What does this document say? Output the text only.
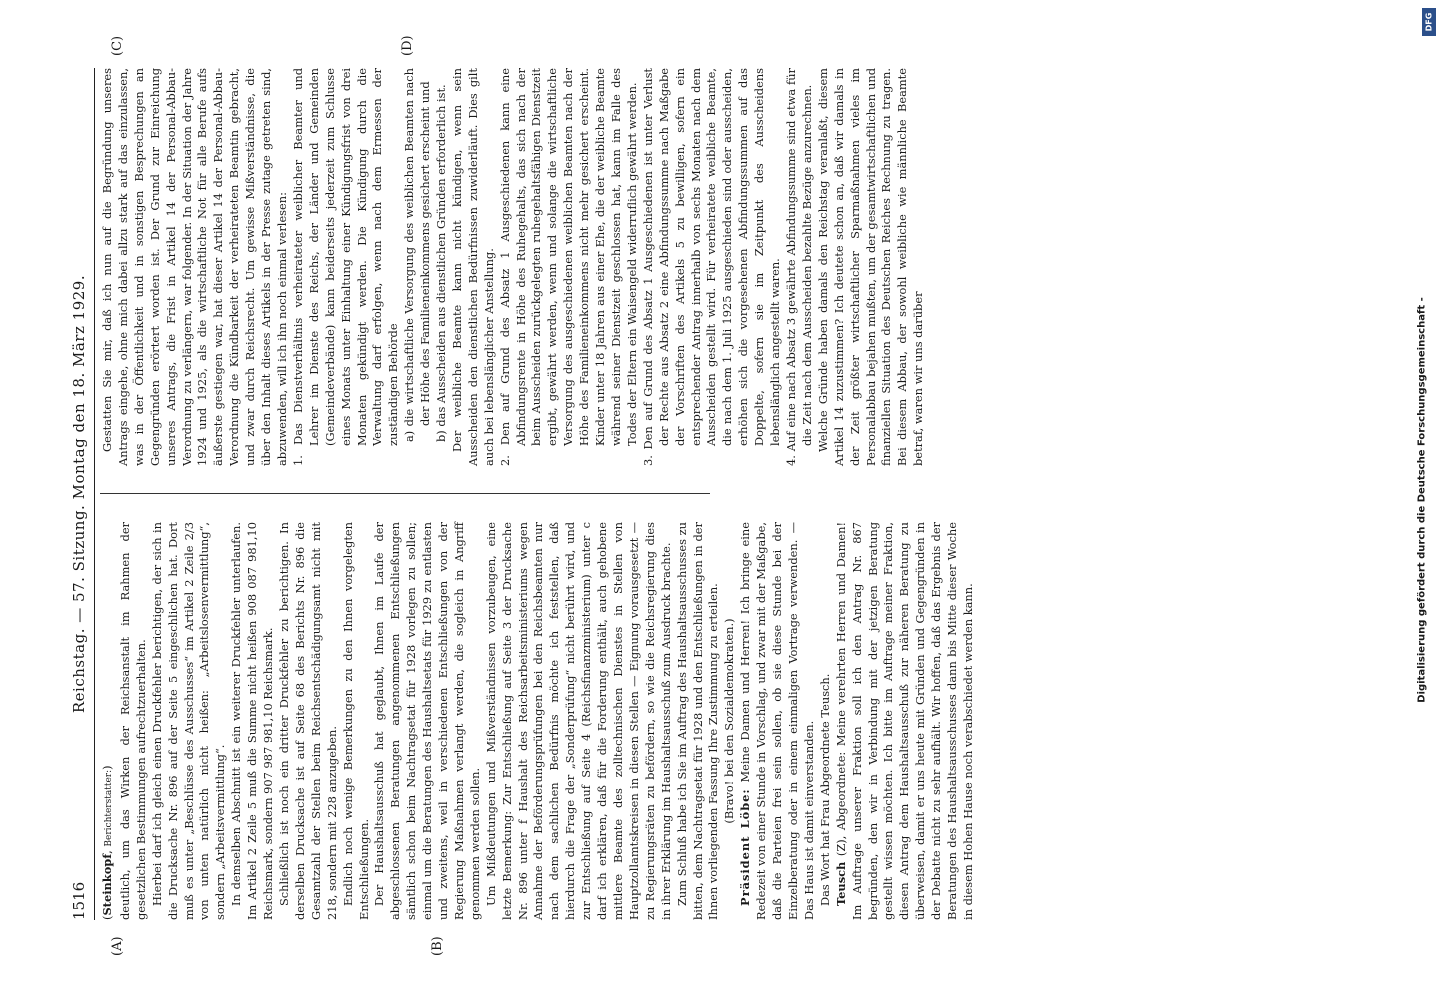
1516
Reichstag. — 57. Sitzung. Montag den 18. März 1929.
(A)	(B)
(C)	(D)

(Steinkopf, Berichterstatter:) deutlich, um das Wirken der Reichsanstalt im Rahmen der gesetzlichen Bestimmungen aufrechtzuerhalten. Hierbei darf ich gleich einen Druckfehler berichtigen, der sich in die Drucksache Nr. 896 auf der Seite 5 eingeschlichen hat. Dort muß es unter „Beschlüsse des Ausschusses“ im Artikel 2 Zeile 2/3 von unten natürlich nicht heißen: „Arbeitslosenvermittlung“, sondern „Arbeitsvermittlung“. In demselben Abschnitt ist ein weiterer Druckfehler unterlaufen. Im Artikel 2 Zeile 5 muß die Summe nicht heißen 908 087 981,10 Reichsmark, sondern 907 987 981,10 Reichsmark. Schließlich ist noch ein dritter Druckfehler zu berichtigen. In derselben Drucksache ist auf Seite 68 des Berichts Nr. 896 die Gesamtzahl der Stellen beim Reichsentschädigungsamt nicht mit 218, sondern mit 228 anzugeben. Endlich noch wenige Bemerkungen zu den Ihnen vorgelegten Entschließungen. Der Haushaltsausschuß hat geglaubt, Ihnen im Laufe der abgeschlossenen Beratungen angenommenen Entschließungen sämtlich schon beim Nachtragsetat für 1928 vorlegen zu sollen; einmal um die Beratungen des Haushaltsetats für 1929 zu entlasten und zweitens, weil in verschiedenen Entschließungen von der Regierung Maßnahmen verlangt werden, die sogleich in Angriff genommen werden sollen. Um Mißdeutungen und Mißverständnissen vorzubeugen, eine letzte Bemerkung: Zur Entschließung auf Seite 3 der Drucksache Nr. 896 unter f Haushalt des Reichsarbeitsministeriums wegen Annahme der Beförderungsprüfungen bei den Reichsbeamten nur nach dem sachlichen Bedürfnis möchte ich feststellen, daß hierdurch die Frage der „Sonderprüfung“ nicht berührt wird, und zur Entschließung auf Seite 4 (Reichsfinanzministerium) unter c darf ich erklären, daß für die Forderung enthält, auch gehobene mittlere Beamte des zolltechnischen Dienstes in Stellen von Hauptzollamtskreisen in diesen Stellen — Eignung vorausgesetzt — zu Regierungsräten zu befördern, so wie die Reichsregierung dies in ihrer Erklärung im Haushaltsausschuß zum Ausdruck brachte. Zum Schluß habe ich Sie im Auftrag des Haushaltsausschusses zu bitten, dem Nachtragsetat für 1928 und den Entschließungen in der Ihnen vorliegenden Fassung Ihre Zustimmung zu erteilen. (Bravo! bei den Sozialdemokraten.)

Präsident Löbe: Meine Damen und Herren! Ich bringe eine Redezeit von einer Stunde in Vorschlag, und zwar mit der Maßgabe, daß die Parteien frei sein sollen, ob sie diese Stunde bei der Einzelberatung oder in einem einmaligen Vortrage verwenden. — Das Haus ist damit einverstanden. Das Wort hat Frau Abgeordnete Teusch. Teusch (Z), Abgeordnete: Meine verehrten Herren und Damen! Im Auftrage unserer Fraktion soll ich den Antrag Nr. 867 begründen, den wir in Verbindung mit der jetzigen Beratung gestellt wissen möchten. Ich bitte im Auftrage meiner Fraktion, diesen Antrag dem Haushaltsausschuß zur näheren Beratung zu überweisen, damit er uns heute mit Gründen und Gegengründen in der Debatte nicht zu sehr aufhält. Wir hoffen, daß das Ergebnis der Beratungen des Haushaltsausschusses dann bis Mitte dieser Woche in diesem Hohen Hause noch verabschiedet werden kann.

Gestatten Sie mir, daß ich nun auf die Begründung unseres Antrags eingehe, ohne mich dabei allzu stark auf das einzulassen, was in der Öffentlichkeit und in sonstigen Besprechungen an Gegengründen erörtert worden ist. Der Grund zur Einreichung unseres Antrags, die Frist in Artikel 14 der Personal-Abbau-Verordnung zu verlängern, war folgender. In der Situation der Jahre 1924 und 1925, als die wirtschaftliche Not für alle Berufe aufs äußerste gestiegen war, hat dieser Artikel 14 der Personal-Abbau-Verordnung die Kündbarkeit der verheirateten Beamtin gebracht, und zwar durch Reichsrecht. Um gewisse Mißverständnisse, die über den Inhalt dieses Artikels in der Presse zutage getreten sind, abzuwenden, will ich ihn noch einmal verlesen: 1. Das Dienstverhältnis verheirateter weiblicher Beamter und Lehrer im Dienste des Reichs, der Länder und Gemeinden (Gemeindeverbände) kann beiderseits jederzeit zum Schlusse eines Monats unter Einhaltung einer Kündigungsfrist von drei Monaten gekündigt werden. Die Kündigung durch die Verwaltung darf erfolgen, wenn nach dem Ermessen der zuständigen Behörde a) die wirtschaftliche Versorgung des weiblichen Beamten nach der Höhe des Familieneinkommens gesichert erscheint und b) das Ausscheiden aus dienstlichen Gründen erforderlich ist. Der weibliche Beamte kann nicht kündigen, wenn sein Ausscheiden den dienstlichen Bedürfnissen zuwiderläuft. Dies gilt auch bei lebenslänglicher Anstellung. 2. Den auf Grund des Absatz 1 Ausgeschiedenen kann eine Abfindungsrente in Höhe des Ruhegehalts, das sich nach der beim Ausscheiden zurückgelegten ruhegehaltsfähigen Dienstzeit ergibt, gewährt werden, wenn und solange die wirtschaftliche Versorgung des ausgeschiedenen weiblichen Beamten nach der Höhe des Familieneinkommens nicht mehr gesichert erscheint. Kinder unter 18 Jahren aus einer Ehe, die der weibliche Beamte während seiner Dienstzeit geschlossen hat, kann im Falle des Todes der Eltern ein Waisengeld widerruflich gewährt werden. 3. Den auf Grund des Absatz 1 Ausgeschiedenen ist unter Verlust der Rechte aus Absatz 2 eine Abfindungssumme nach Maßgabe der Vorschriften des Artikels 5 zu bewilligen, sofern ein entsprechender Antrag innerhalb von sechs Monaten nach dem Ausscheiden gestellt wird. Für verheiratete weibliche Beamte, die nach dem 1. Juli 1925 ausgeschieden sind oder ausscheiden, erhöhen sich die vorgesehenen Abfindungssummen auf das Doppelte, sofern sie im Zeitpunkt des Ausscheidens lebenslänglich angestellt waren. 4. Auf eine nach Absatz 3 gewährte Abfindungssumme sind etwa für die Zeit nach dem Ausscheiden bezahlte Bezüge anzurechnen. Welche Gründe haben damals den Reichstag veranlaßt, diesem Artikel 14 zuzustimmen? Ich deutete schon an, daß wir damals in der Zeit größter wirtschaftlicher Sparmaßnahmen vieles im Personalabbau bejahen mußten, um der gesamtwirtschaftlichen und finanziellen Situation des Deutschen Reiches Rechnung zu tragen. Bei diesem Abbau, der sowohl weibliche wie männliche Beamte betraf, waren wir uns darüber	Digitalisierung gefördert durch die Deutsche Forschungsgemeinschaft -
DFG
